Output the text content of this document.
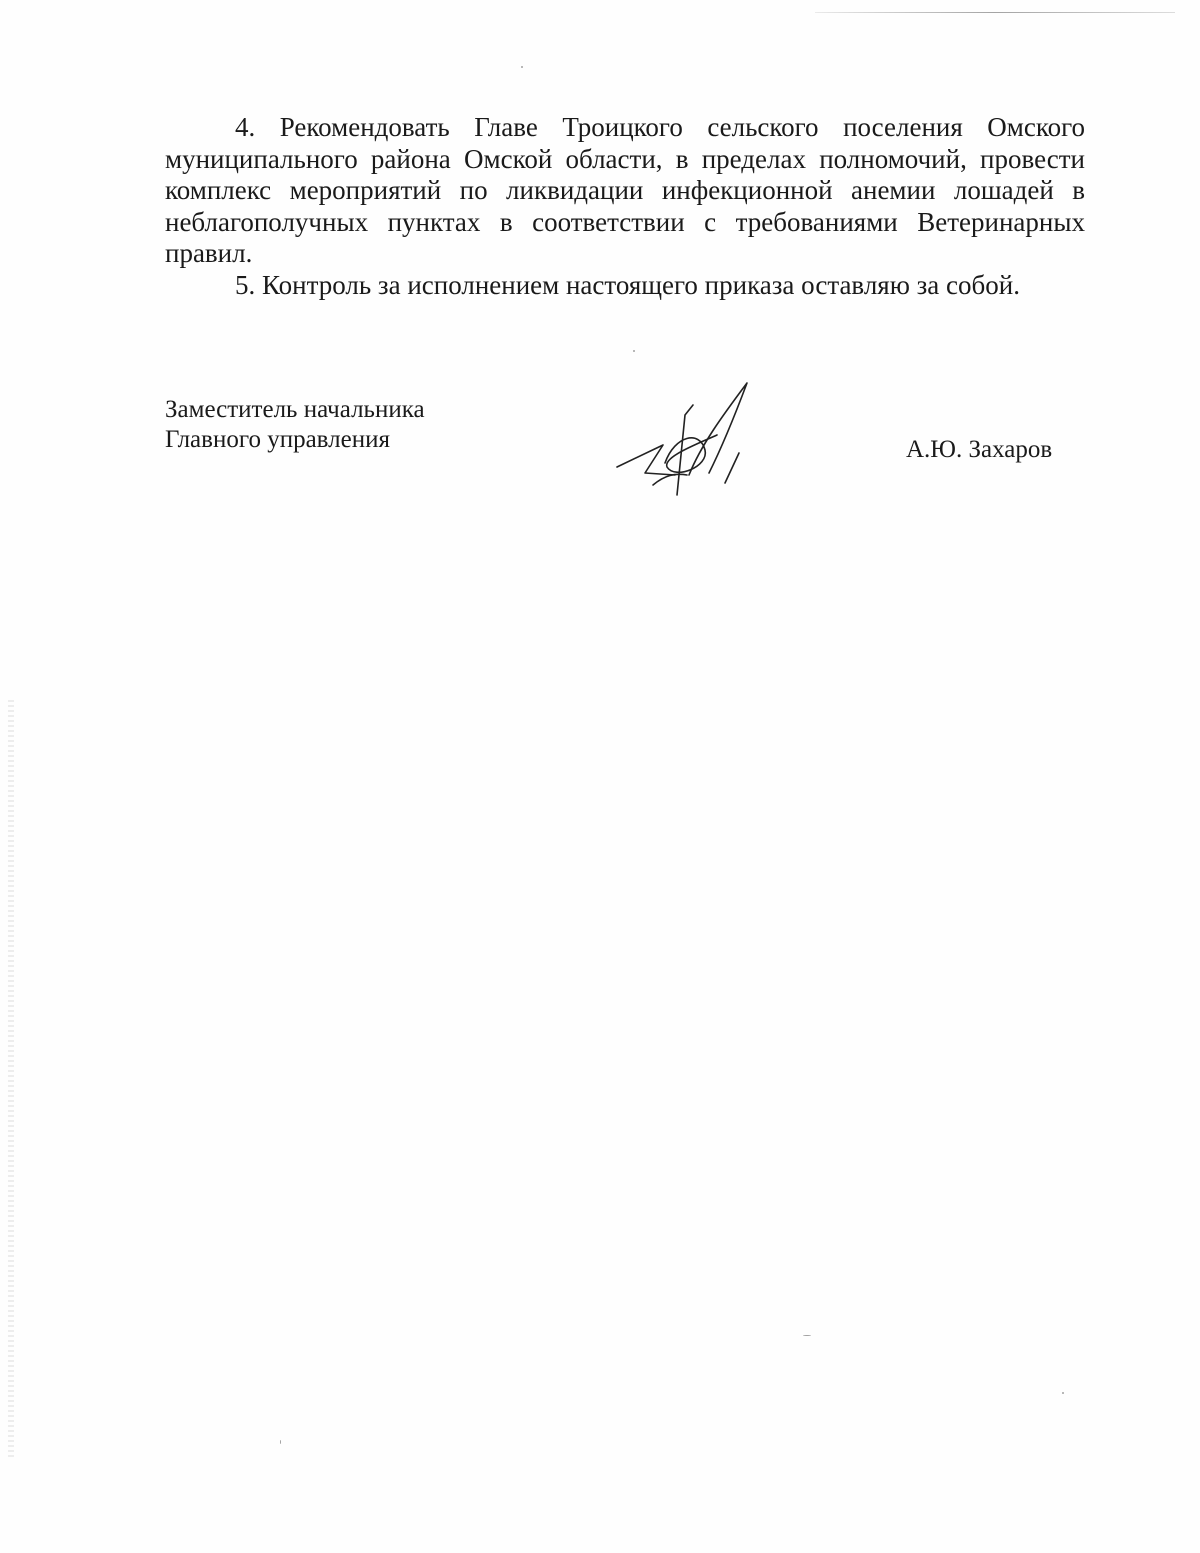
4. Рекомендовать Главе Троицкого сельского поселения Омского муниципального района Омской области, в пределах полномочий, провести комплекс мероприятий по ликвидации инфекционной анемии лошадей в неблагополучных пунктах в соответствии с требованиями Ветеринарных правил.

5. Контроль за исполнением настоящего приказа оставляю за собой.

Заместитель начальника
Главного управления	А.Ю. Захаров
